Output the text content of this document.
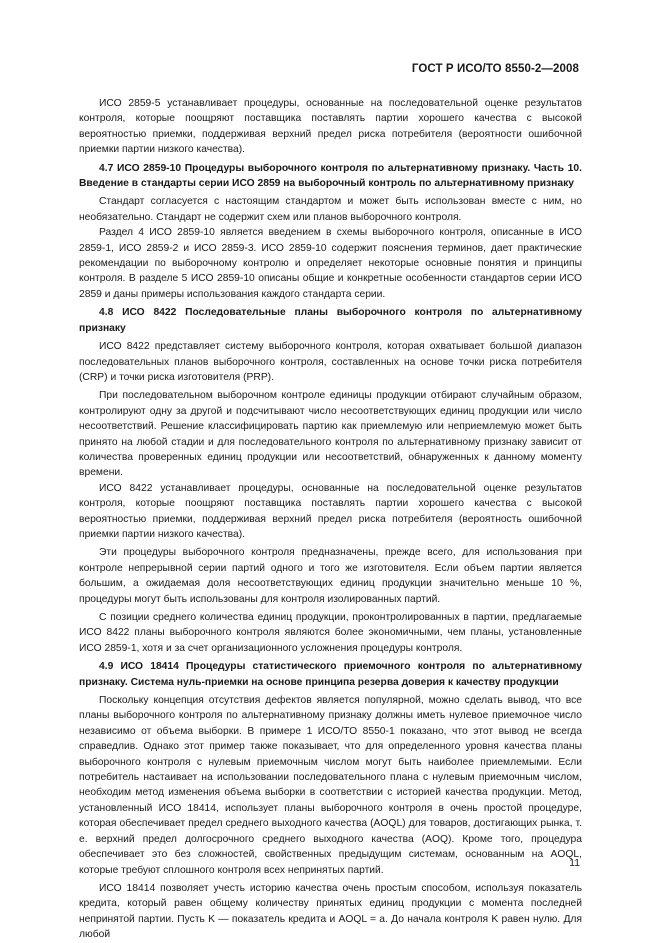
ГОСТ Р ИСО/ТО 8550-2—2008

ИСО 2859-5 устанавливает процедуры, основанные на последовательной оценке результатов контроля, которые поощряют поставщика поставлять партии хорошего качества с высокой вероятностью приемки, поддерживая верхний предел риска потребителя (вероятности ошибочной приемки партии низкого качества).

4.7 ИСО 2859-10 Процедуры выборочного контроля по альтернативному признаку. Часть 10. Введение в стандарты серии ИСО 2859 на выборочный контроль по альтернативному признаку

Стандарт согласуется с настоящим стандартом и может быть использован вместе с ним, но необязательно. Стандарт не содержит схем или планов выборочного контроля.

Раздел 4 ИСО 2859-10 является введением в схемы выборочного контроля, описанные в ИСО 2859-1, ИСО 2859-2 и ИСО 2859-3. ИСО 2859-10 содержит пояснения терминов, дает практические рекомендации по выборочному контролю и определяет некоторые основные понятия и принципы контроля. В разделе 5 ИСО 2859-10 описаны общие и конкретные особенности стандартов серии ИСО 2859 и даны примеры использования каждого стандарта серии.

4.8 ИСО 8422 Последовательные планы выборочного контроля по альтернативному признаку

ИСО 8422 представляет систему выборочного контроля, которая охватывает большой диапазон последовательных планов выборочного контроля, составленных на основе точки риска потребителя (CRP) и точки риска изготовителя (PRP).

При последовательном выборочном контроле единицы продукции отбирают случайным образом, контролируют одну за другой и подсчитывают число несоответствующих единиц продукции или число несоответствий. Решение классифицировать партию как приемлемую или неприемлемую может быть принято на любой стадии и для последовательного контроля по альтернативному признаку зависит от количества проверенных единиц продукции или несоответствий, обнаруженных к данному моменту времени.

ИСО 8422 устанавливает процедуры, основанные на последовательной оценке результатов контроля, которые поощряют поставщика поставлять партии хорошего качества с высокой вероятностью приемки, поддерживая верхний предел риска потребителя (вероятность ошибочной приемки партии низкого качества).

Эти процедуры выборочного контроля предназначены, прежде всего, для использования при контроле непрерывной серии партий одного и того же изготовителя. Если объем партии является большим, а ожидаемая доля несоответствующих единиц продукции значительно меньше 10 %, процедуры могут быть использованы для контроля изолированных партий.

С позиции среднего количества единиц продукции, проконтролированных в партии, предлагаемые ИСО 8422 планы выборочного контроля являются более экономичными, чем планы, установленные ИСО 2859-1, хотя и за счет организационного усложнения процедуры контроля.

4.9 ИСО 18414 Процедуры статистического приемочного контроля по альтернативному признаку. Система нуль-приемки на основе принципа резерва доверия к качеству продукции

Поскольку концепция отсутствия дефектов является популярной, можно сделать вывод, что все планы выборочного контроля по альтернативному признаку должны иметь нулевое приемочное число независимо от объема выборки. В примере 1 ИСО/ТО 8550-1 показано, что этот вывод не всегда справедлив. Однако этот пример также показывает, что для определенного уровня качества планы выборочного контроля с нулевым приемочным числом могут быть наиболее приемлемыми. Если потребитель настаивает на использовании последовательного плана с нулевым приемочным числом, необходим метод изменения объема выборки в соответствии с историей качества продукции. Метод, установленный ИСО 18414, использует планы выборочного контроля в очень простой процедуре, которая обеспечивает предел среднего выходного качества (AOQL) для товаров, достигающих рынка, т. е. верхний предел долгосрочного среднего выходного качества (AOQ). Кроме того, процедура обеспечивает это без сложностей, свойственных предыдущим системам, основанным на AOQL, которые требуют сплошного контроля всех непринятых партий.

ИСО 18414 позволяет учесть историю качества очень простым способом, используя показатель кредита, который равен общему количеству принятых единиц продукции с момента последней непринятой партии. Пусть K — показатель кредита и AOQL = a. До начала контроля K равен нулю. Для любой

11
